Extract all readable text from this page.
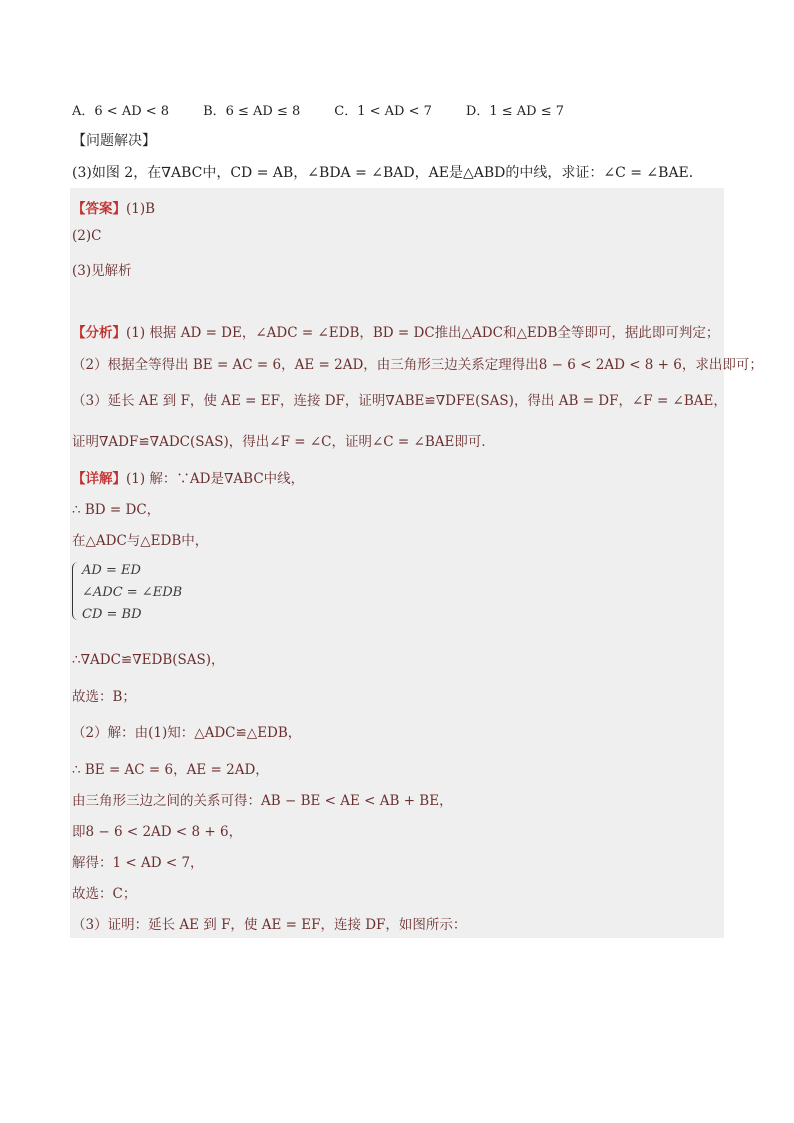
A．6 < AD < 8	B．6 ≤ AD ≤ 8	C．1 < AD < 7	D．1 ≤ AD ≤ 7
【问题解决】
(3)如图 2，在∇ABC中，CD = AB，∠BDA = ∠BAD，AE是△ABD的中线，求证：∠C = ∠BAE．
【答案】(1)B
(2)C
(3)见解析
【分析】(1) 根据 AD = DE，∠ADC = ∠EDB，BD = DC推出△ADC和△EDB全等即可，据此即可判定；
（2）根据全等得出 BE = AC = 6，AE = 2AD，由三角形三边关系定理得出8 − 6 < 2AD < 8 + 6，求出即可；
（3）延长 AE 到 F，使 AE = EF，连接 DF，证明∇ABE≌∇DFE(SAS)，得出 AB = DF，∠F = ∠BAE，
证明∇ADF≌∇ADC(SAS)，得出∠F = ∠C，证明∠C = ∠BAE即可．
【详解】(1) 解：∵AD是∇ABC中线，
∴ BD = DC，
在△ADC与△EDB中，
AD = ED
∠ADC = ∠EDB
CD = BD
∴∇ADC≌∇EDB(SAS)，
故选：B；
（2）解：由(1)知：△ADC≌△EDB，
∴ BE = AC = 6，AE = 2AD，
由三角形三边之间的关系可得：AB − BE < AE < AB + BE，
即8 − 6 < 2AD < 8 + 6，
解得：1 < AD < 7，
故选：C；
（3）证明：延长 AE 到 F，使 AE = EF，连接 DF，如图所示：
